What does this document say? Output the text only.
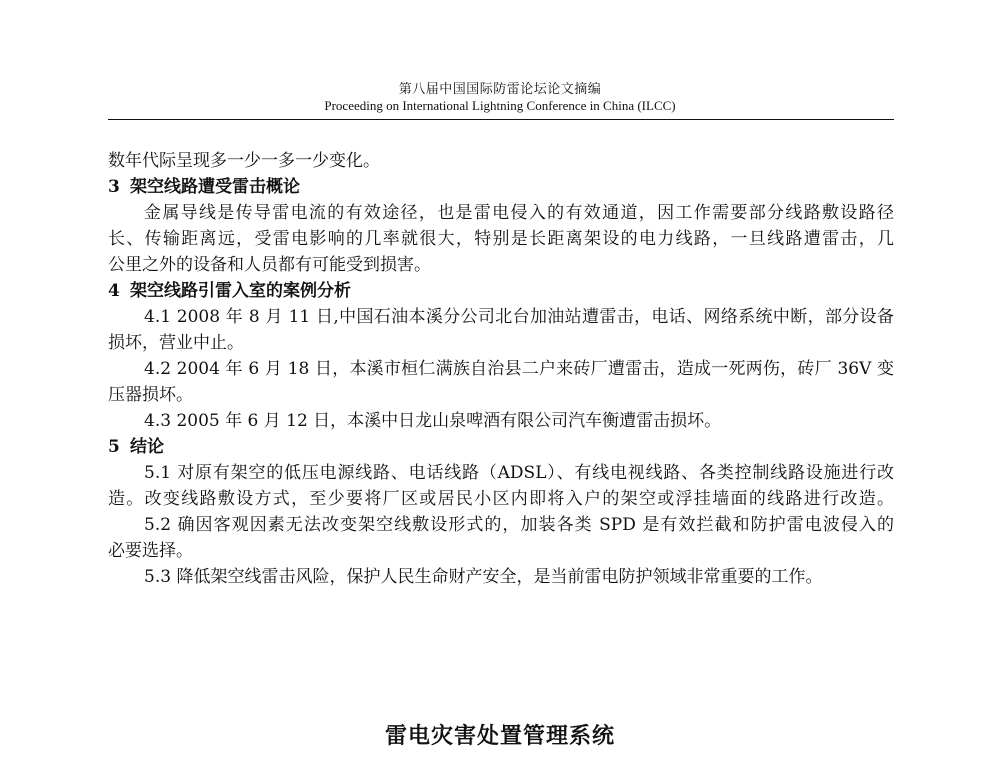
第八届中国国际防雷论坛论文摘编
Proceeding on International Lightning Conference in China (ILCC)
数年代际呈现多一少一多一少变化。
3 架空线路遭受雷击概论
金属导线是传导雷电流的有效途径，也是雷电侵入的有效通道，因工作需要部分线路敷设路径
长、传输距离远，受雷电影响的几率就很大，特别是长距离架设的电力线路，一旦线路遭雷击，几
公里之外的设备和人员都有可能受到损害。
4 架空线路引雷入室的案例分析
4.1 2008 年 8 月 11 日,中国石油本溪分公司北台加油站遭雷击，电话、网络系统中断，部分设备
损坏，营业中止。
4.2 2004 年 6 月 18 日，本溪市桓仁满族自治县二户来砖厂遭雷击，造成一死两伤，砖厂 36V 变
压器损坏。
4.3 2005 年 6 月 12 日，本溪中日龙山泉啤酒有限公司汽车衡遭雷击损坏。
5 结论
5.1 对原有架空的低压电源线路、电话线路（ADSL）、有线电视线路、各类控制线路设施进行改
造。改变线路敷设方式，至少要将厂区或居民小区内即将入户的架空或浮挂墙面的线路进行改造。
5.2 确因客观因素无法改变架空线敷设形式的，加装各类 SPD 是有效拦截和防护雷电波侵入的
必要选择。
5.3 降低架空线雷击风险，保护人民生命财产安全，是当前雷电防护领域非常重要的工作。
雷电灾害处置管理系统
